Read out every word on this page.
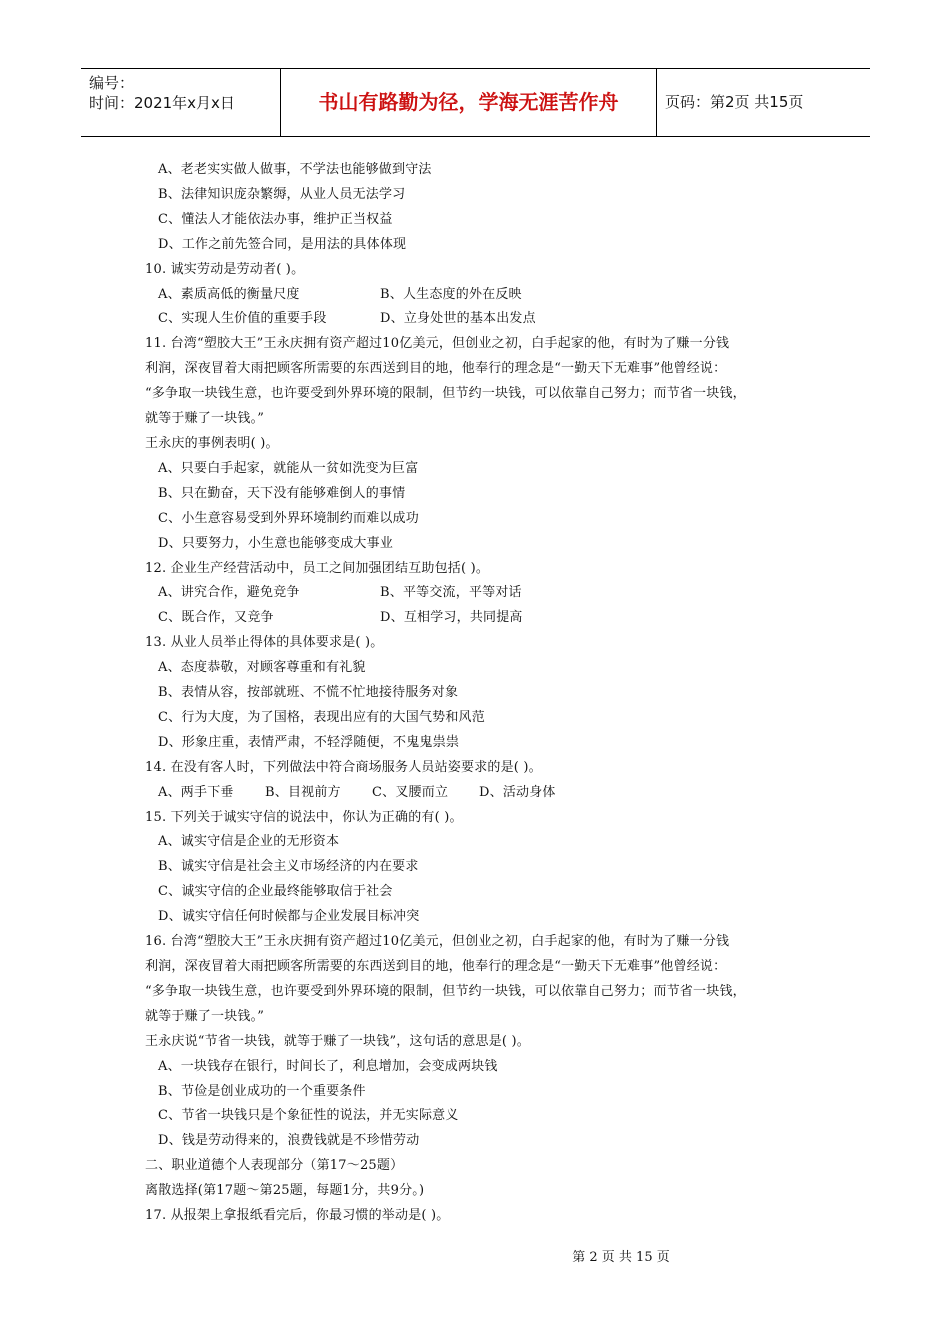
编号：
时间：2021年x月x日	书山有路勤为径，学海无涯苦作舟	页码：第2页 共15页
A、老老实实做人做事，不学法也能够做到守法
B、法律知识庞杂繁缛，从业人员无法学习
C、懂法人才能依法办事，维护正当权益
D、工作之前先签合同，是用法的具体体现
10. 诚实劳动是劳动者( )。
A、素质高低的衡量尺度	B、人生态度的外在反映
C、实现人生价值的重要手段	D、立身处世的基本出发点
11. 台湾“塑胶大王”王永庆拥有资产超过10亿美元，但创业之初，白手起家的他，有时为了赚一分钱
利润，深夜冒着大雨把顾客所需要的东西送到目的地，他奉行的理念是“一勤天下无难事”他曾经说：
“多争取一块钱生意，也许要受到外界环境的限制，但节约一块钱，可以依靠自己努力；而节省一块钱，
就等于赚了一块钱。”
王永庆的事例表明( )。
A、只要白手起家，就能从一贫如洗变为巨富
B、只在勤奋，天下没有能够难倒人的事情
C、小生意容易受到外界环境制约而难以成功
D、只要努力，小生意也能够变成大事业
12. 企业生产经营活动中，员工之间加强团结互助包括( )。
A、讲究合作，避免竞争	B、平等交流，平等对话
C、既合作，又竞争	D、互相学习，共同提高
13. 从业人员举止得体的具体要求是( )。
A、态度恭敬，对顾客尊重和有礼貌
B、表情从容，按部就班、不慌不忙地接待服务对象
C、行为大度，为了国格，表现出应有的大国气势和风范
D、形象庄重，表情严肃，不轻浮随便，不鬼鬼祟祟
14. 在没有客人时，下列做法中符合商场服务人员站姿要求的是( )。
A、两手下垂 B、目视前方 C、叉腰而立 D、活动身体
15. 下列关于诚实守信的说法中，你认为正确的有( )。
A、诚实守信是企业的无形资本
B、诚实守信是社会主义市场经济的内在要求
C、诚实守信的企业最终能够取信于社会
D、诚实守信任何时候都与企业发展目标冲突
16. 台湾“塑胶大王”王永庆拥有资产超过10亿美元，但创业之初，白手起家的他，有时为了赚一分钱
利润，深夜冒着大雨把顾客所需要的东西送到目的地，他奉行的理念是“一勤天下无难事”他曾经说：
“多争取一块钱生意，也许要受到外界环境的限制，但节约一块钱，可以依靠自己努力；而节省一块钱，
就等于赚了一块钱。”
王永庆说“节省一块钱，就等于赚了一块钱”，这句话的意思是( )。
A、一块钱存在银行，时间长了，利息增加，会变成两块钱
B、节俭是创业成功的一个重要条件
C、节省一块钱只是个象征性的说法，并无实际意义
D、钱是劳动得来的，浪费钱就是不珍惜劳动
二、职业道德个人表现部分（第17～25题）
离散选择(第17题～第25题，每题1分，共9分。)
17. 从报架上拿报纸看完后，你最习惯的举动是( )。
第 2 页 共 15 页
